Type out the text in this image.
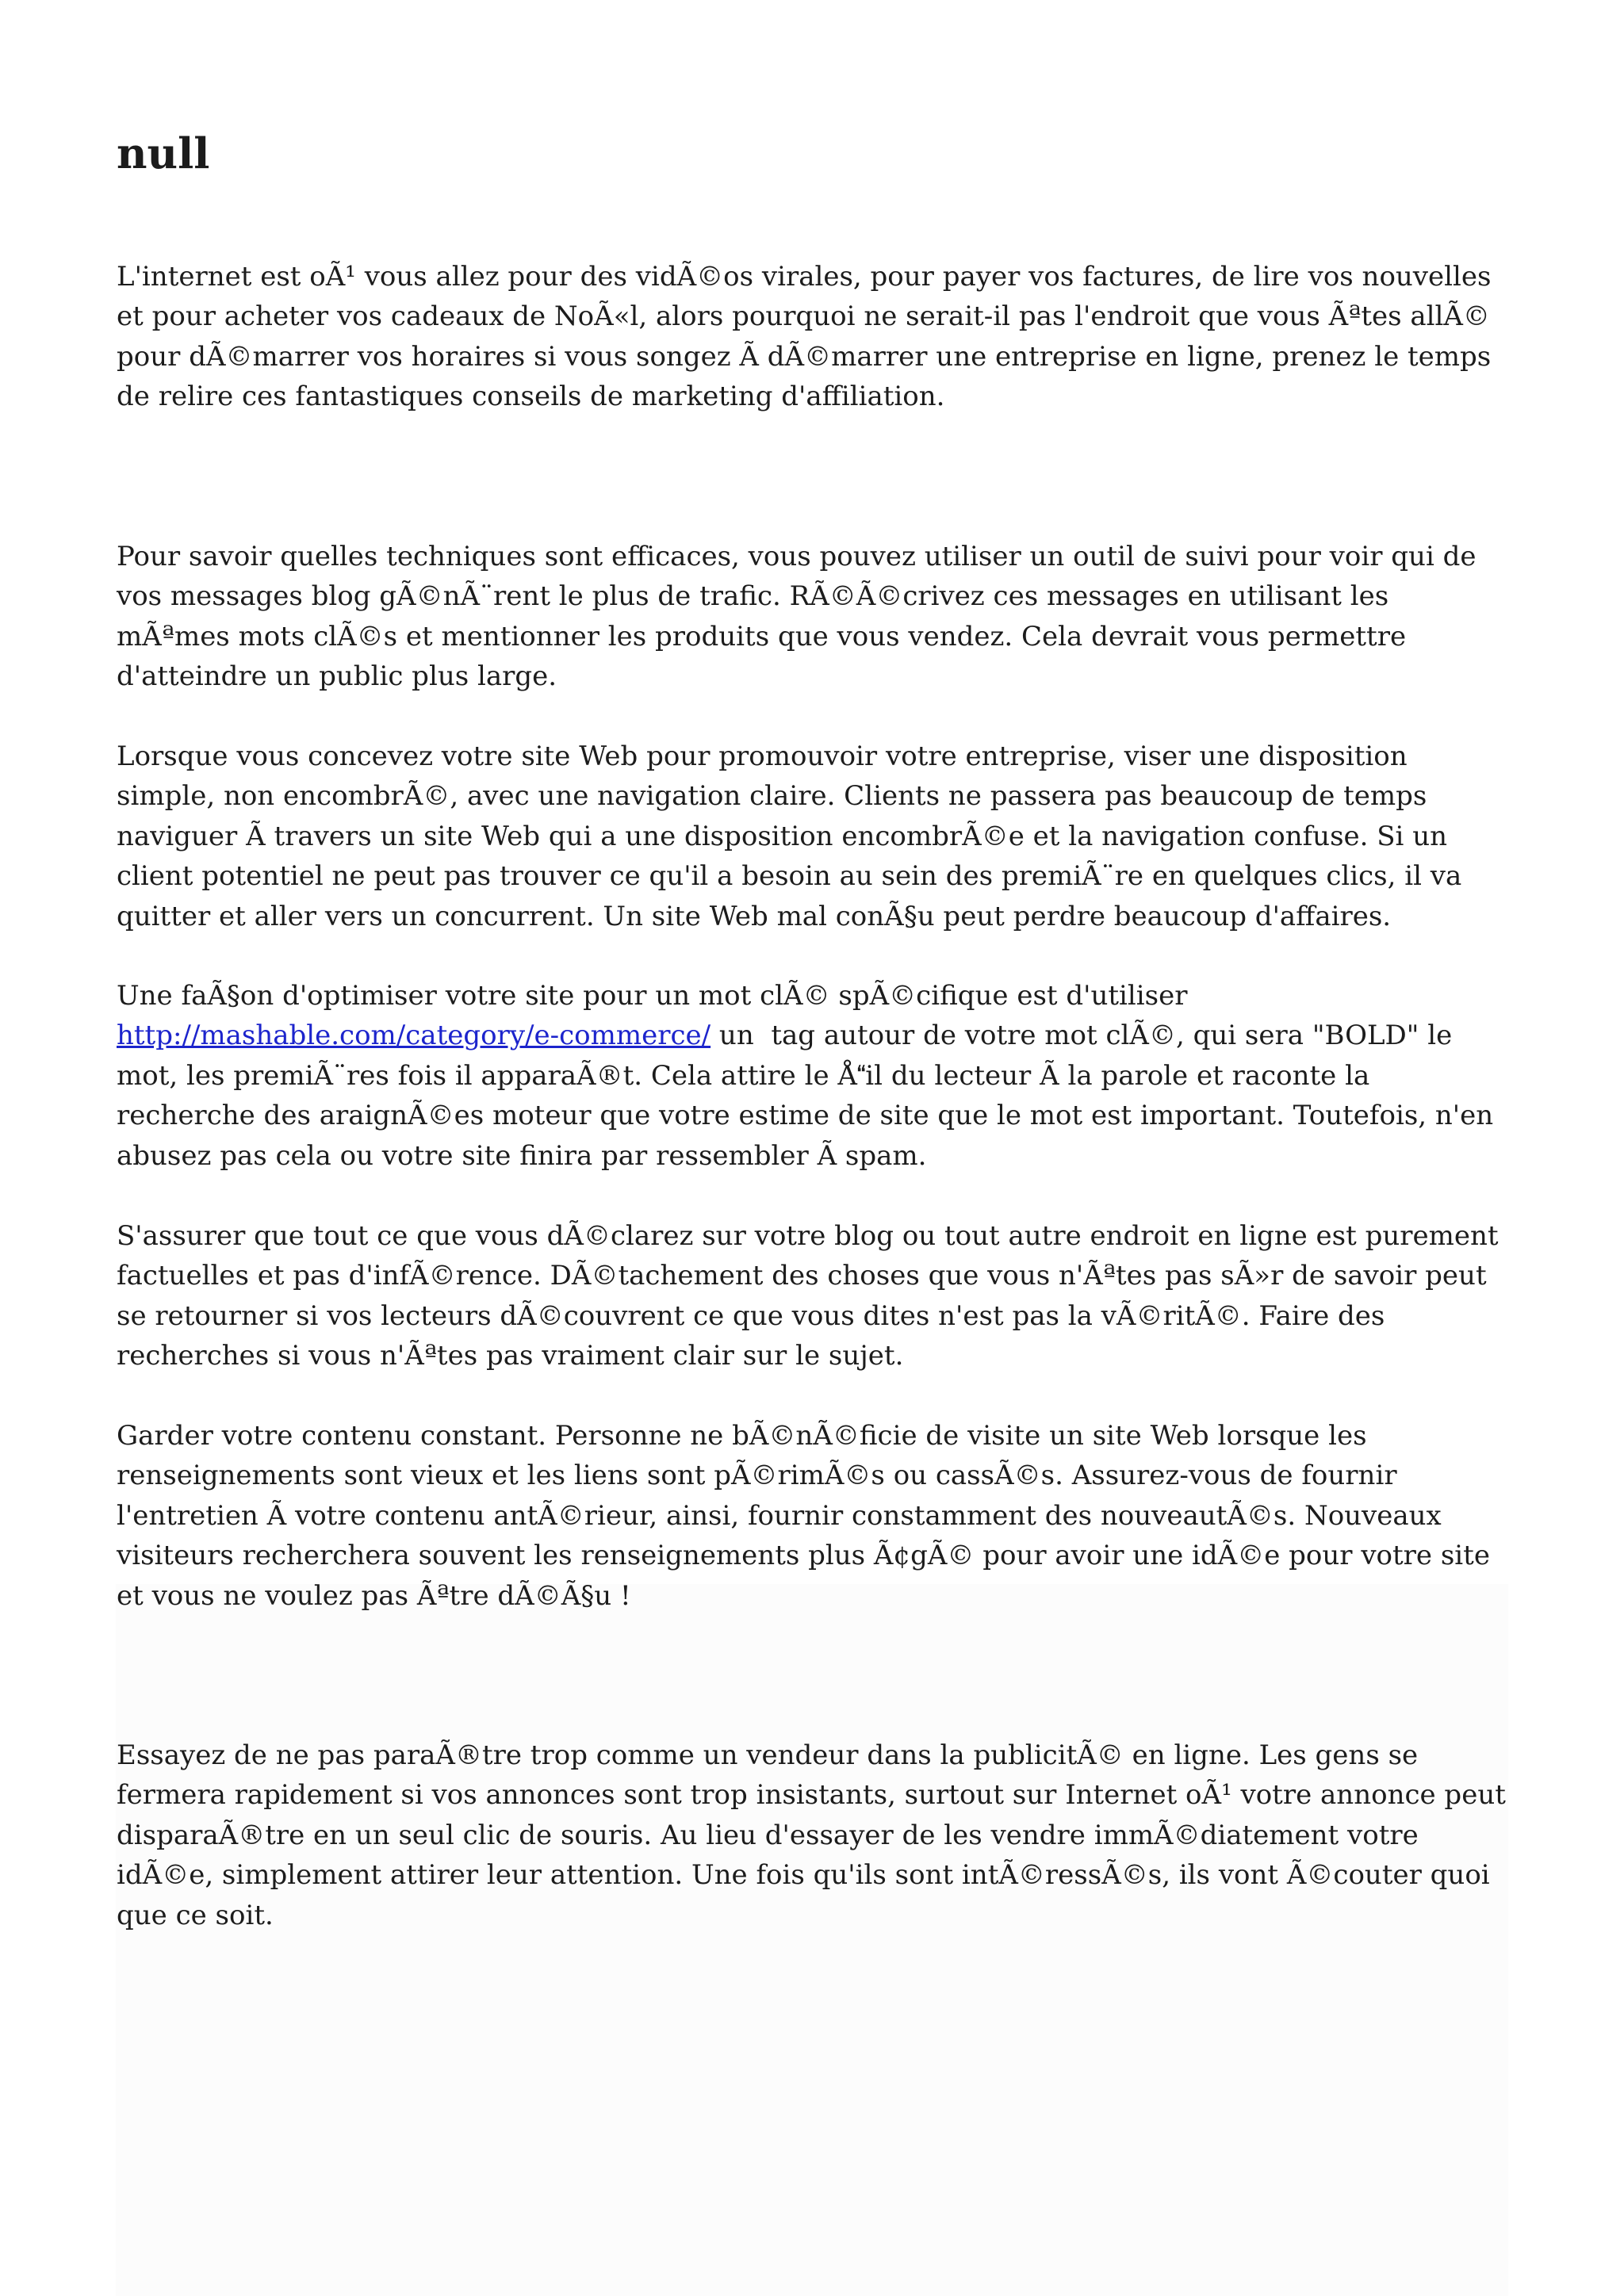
null

L'internet est oÃ¹ vous allez pour des vidÃ©os virales, pour payer vos factures, de lire vos nouvelles
et pour acheter vos cadeaux de NoÃ«l, alors pourquoi ne serait-il pas l'endroit que vous Ãªtes allÃ©
pour dÃ©marrer vos horaires si vous songez Ã dÃ©marrer une entreprise en ligne, prenez le temps
de relire ces fantastiques conseils de marketing d'affiliation.

Pour savoir quelles techniques sont efficaces, vous pouvez utiliser un outil de suivi pour voir qui de
vos messages blog gÃ©nÃ¨rent le plus de trafic. RÃ©Ã©crivez ces messages en utilisant les
mÃªmes mots clÃ©s et mentionner les produits que vous vendez. Cela devrait vous permettre
d'atteindre un public plus large.

Lorsque vous concevez votre site Web pour promouvoir votre entreprise, viser une disposition
simple, non encombrÃ©, avec une navigation claire. Clients ne passera pas beaucoup de temps
naviguer Ã travers un site Web qui a une disposition encombrÃ©e et la navigation confuse. Si un
client potentiel ne peut pas trouver ce qu'il a besoin au sein des premiÃ¨re en quelques clics, il va
quitter et aller vers un concurrent. Un site Web mal conÃ§u peut perdre beaucoup d'affaires.

Une faÃ§on d'optimiser votre site pour un mot clÃ© spÃ©cifique est d'utiliser
http://mashable.com/category/e-commerce/ un  tag autour de votre mot clÃ©, qui sera "BOLD" le
mot, les premiÃ¨res fois il apparaÃ®t. Cela attire le Åil du lecteur Ã la parole et raconte la
recherche des araignÃ©es moteur que votre estime de site que le mot est important. Toutefois, n'en
abusez pas cela ou votre site finira par ressembler Ã spam.

S'assurer que tout ce que vous dÃ©clarez sur votre blog ou tout autre endroit en ligne est purement
factuelles et pas d'infÃ©rence. DÃ©tachement des choses que vous n'Ãªtes pas sÃ»r de savoir peut
se retourner si vos lecteurs dÃ©couvrent ce que vous dites n'est pas la vÃ©ritÃ©. Faire des
recherches si vous n'Ãªtes pas vraiment clair sur le sujet.

Garder votre contenu constant. Personne ne bÃ©nÃ©ficie de visite un site Web lorsque les
renseignements sont vieux et les liens sont pÃ©rimÃ©s ou cassÃ©s. Assurez-vous de fournir
l'entretien Ã votre contenu antÃ©rieur, ainsi, fournir constamment des nouveautÃ©s. Nouveaux
visiteurs recherchera souvent les renseignements plus Ã¢gÃ© pour avoir une idÃ©e pour votre site
et vous ne voulez pas Ãªtre dÃ©Ã§u !

Essayez de ne pas paraÃ®tre trop comme un vendeur dans la publicitÃ© en ligne. Les gens se
fermera rapidement si vos annonces sont trop insistants, surtout sur Internet oÃ¹ votre annonce peut
disparaÃ®tre en un seul clic de souris. Au lieu d'essayer de les vendre immÃ©diatement votre
idÃ©e, simplement attirer leur attention. Une fois qu'ils sont intÃ©ressÃ©s, ils vont Ã©couter quoi
que ce soit.
